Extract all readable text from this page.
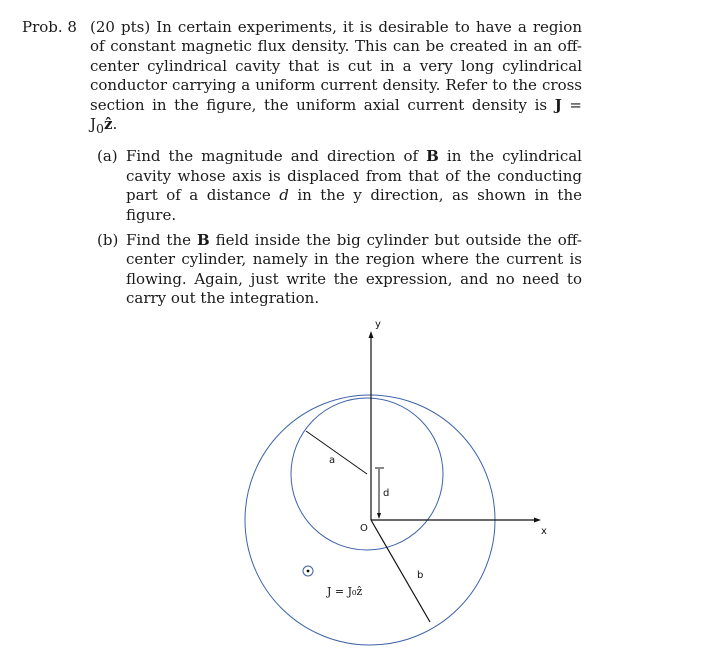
Prob. 8 (20 pts) In certain experiments, it is desirable to have a region of constant magnetic flux density. This can be created in an off-center cylindrical cavity that is cut in a very long cylindrical conductor carrying a uniform current density. Refer to the cross section in the figure, the uniform axial current density is $J = J_0ẑ$.
(a) Find the magnitude and direction of B in the cylindrical cavity whose axis is displaced from that of the conducting part of a distance d in the y direction, as shown in the figure.
(b) Find the B field inside the big cylinder but outside the off-center cylinder, namely in the region where the current is flowing. Again, just write the expression, and no need to carry out the integration.
y
x
O
d
a
b
J = J₀ẑ
